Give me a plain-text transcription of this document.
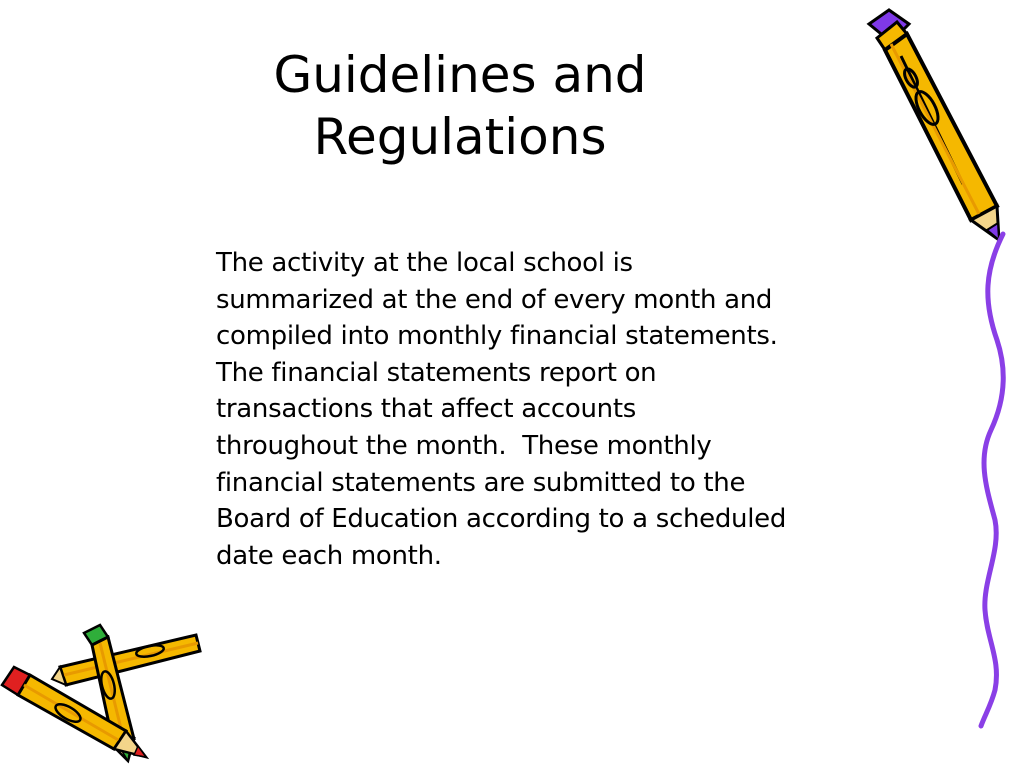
Guidelines and
Regulations
The activity at the local school is
summarized at the end of every month and
compiled into monthly financial statements.
The financial statements report on
transactions that affect accounts
throughout the month.  These monthly
financial statements are submitted to the
Board of Education according to a scheduled
date each month.
